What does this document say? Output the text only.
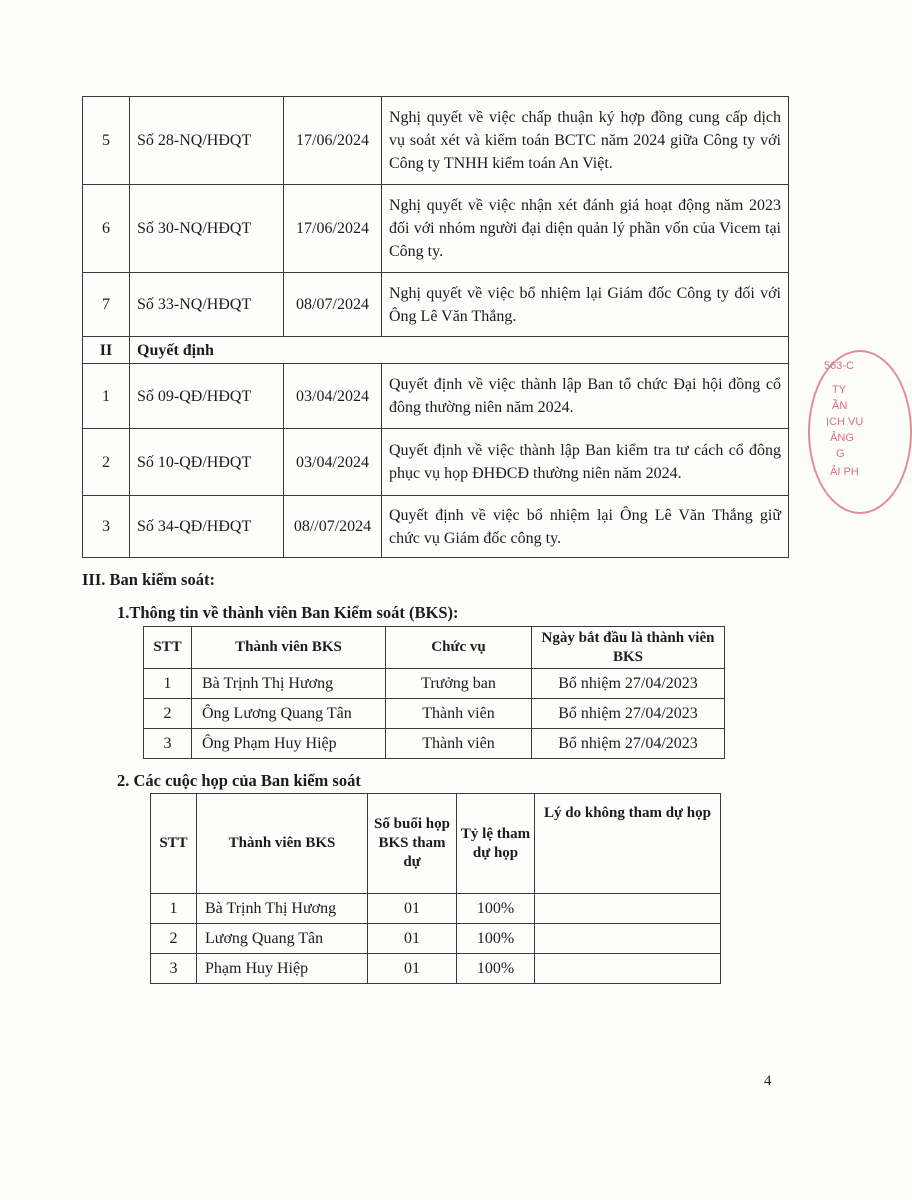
5	Số 28-NQ/HĐQT	17/06/2024	Nghị quyết về việc chấp thuận ký hợp đồng cung cấp dịch vụ soát xét và kiểm toán BCTC năm 2024 giữa Công ty với Công ty TNHH kiểm toán An Việt.
6	Số 30-NQ/HĐQT	17/06/2024	Nghị quyết về việc nhận xét đánh giá hoạt động năm 2023 đối với nhóm người đại diện quản lý phần vốn của Vicem tại Công ty.
7	Số 33-NQ/HĐQT	08/07/2024	Nghị quyết về việc bổ nhiệm lại Giám đốc Công ty đối với Ông Lê Văn Thắng.
II	Quyết định		
1	Số 09-QĐ/HĐQT	03/04/2024	Quyết định về việc thành lập Ban tổ chức Đại hội đồng cổ đông thường niên năm 2024.
2	Số 10-QĐ/HĐQT	03/04/2024	Quyết định về việc thành lập Ban kiểm tra tư cách cổ đông phục vụ họp ĐHĐCĐ thường niên năm 2024.
3	Số 34-QĐ/HĐQT	08//07/2024	Quyết định về việc bổ nhiệm lại Ông Lê Văn Thắng giữ chức vụ Giám đốc công ty.

III. Ban kiểm soát:

1.Thông tin về thành viên Ban Kiểm soát (BKS):

STT	Thành viên BKS	Chức vụ	Ngày bắt đầu là thành viên BKS
1	Bà Trịnh Thị Hương	Trưởng ban	Bổ nhiệm 27/04/2023
2	Ông Lương Quang Tân	Thành viên	Bổ nhiệm 27/04/2023
3	Ông Phạm Huy Hiệp	Thành viên	Bổ nhiệm 27/04/2023

2. Các cuộc họp của Ban kiểm soát

STT	Thành viên BKS	Số buổi họp BKS tham dự	Tỷ lệ tham dự họp	Lý do không tham dự họp
1	Bà Trịnh Thị Hương	01	100%	
2	Lương Quang Tân	01	100%	
3	Phạm Huy Hiệp	01	100%	
4
563-C
TY
ẦN
ỊCH VỤ
ẢNG
G
ẢI PH
